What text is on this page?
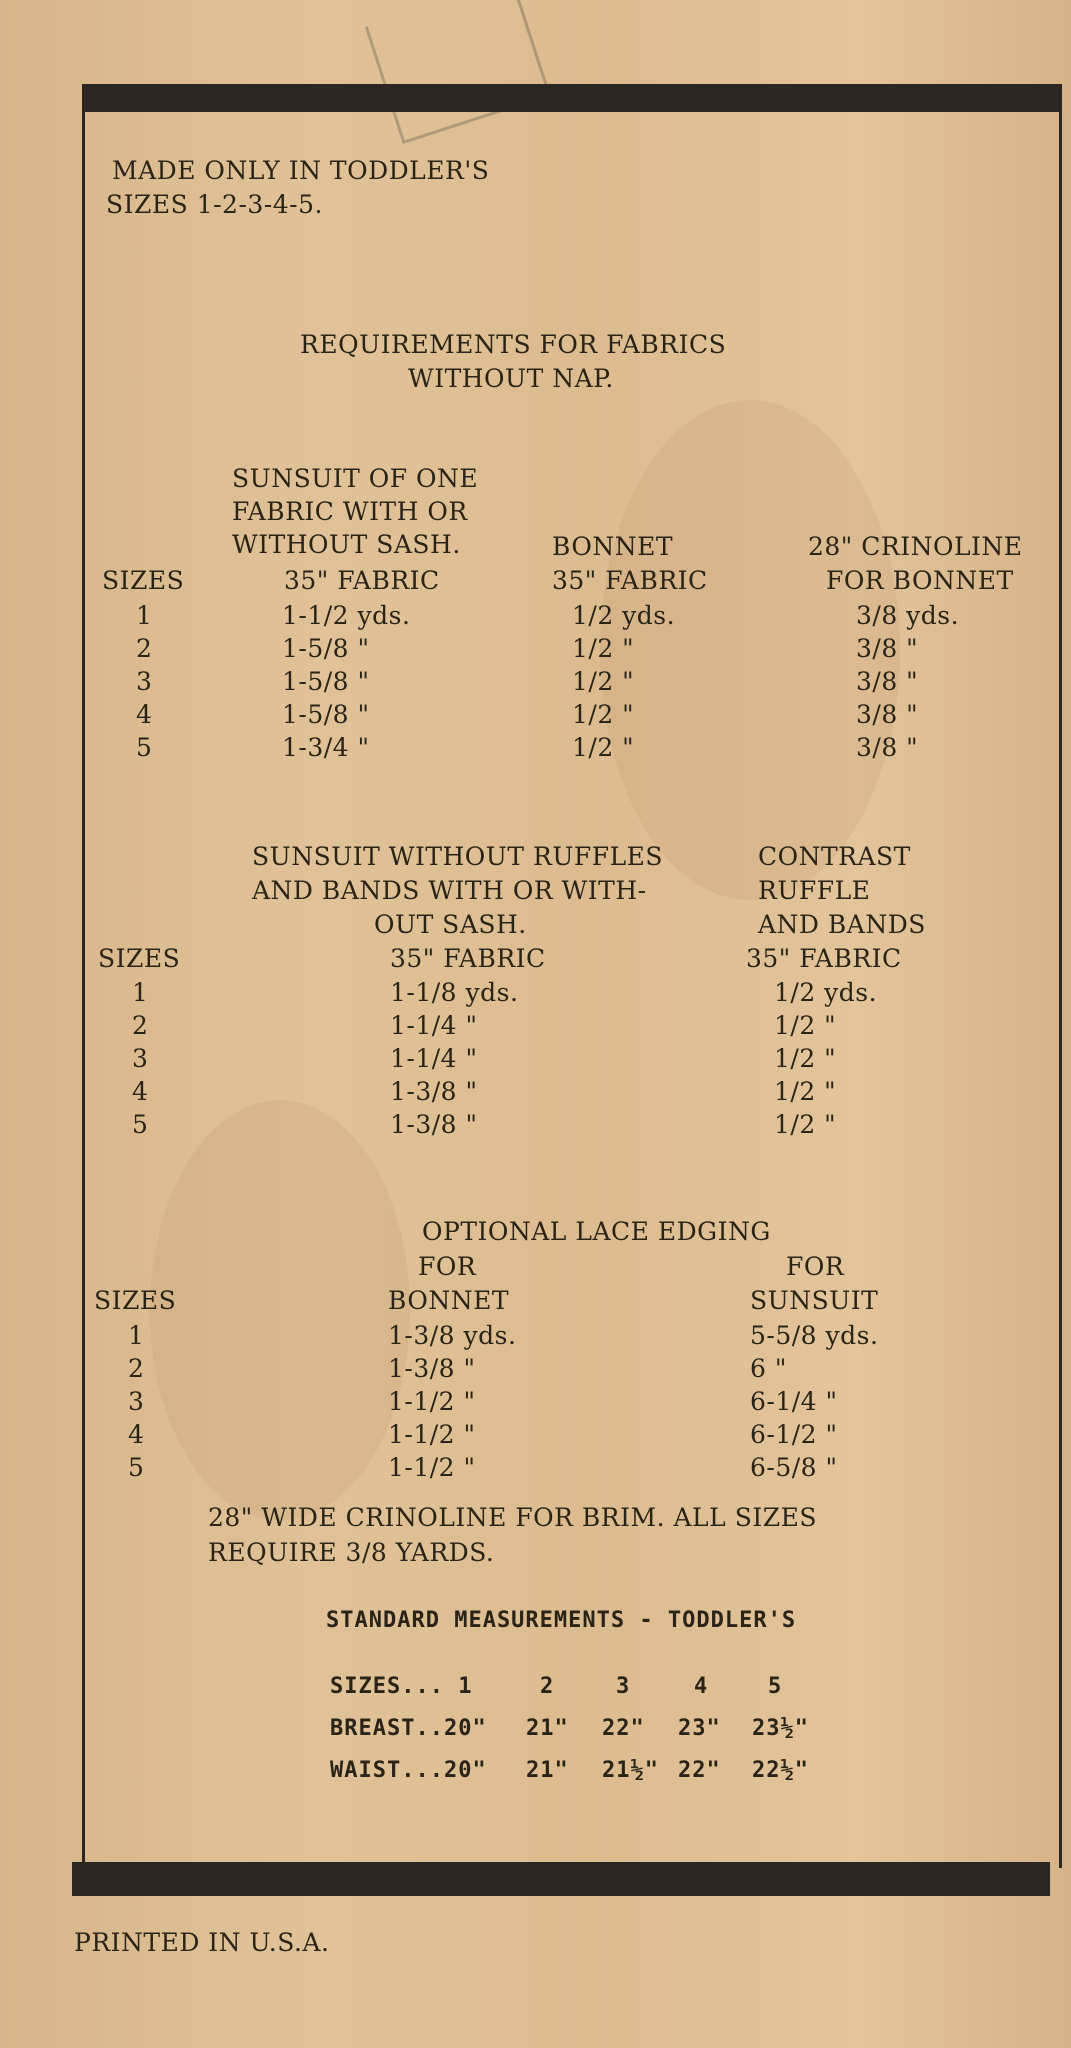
MADE ONLY IN TODDLER'S
SIZES 1-2-3-4-5.
REQUIREMENTS FOR FABRICS
WITHOUT NAP.
SUNSUIT OF ONE
FABRIC WITH OR
WITHOUT SASH.	BONNET	28" CRINOLINE
SIZES	35" FABRIC	35" FABRIC	FOR BONNET
1	1-1/2 yds.	1/2 yds.	3/8 yds.
2	1-5/8 "	1/2 "	3/8 "
3	1-5/8 "	1/2 "	3/8 "
4	1-5/8 "	1/2 "	3/8 "
5	1-3/4 "	1/2 "	3/8 "
SUNSUIT WITHOUT RUFFLES	CONTRAST
AND BANDS WITH OR WITH-	RUFFLE
OUT SASH.	AND BANDS
SIZES	35" FABRIC	35" FABRIC
1	1-1/8 yds.	1/2 yds.
2	1-1/4 "	1/2 "
3	1-1/4 "	1/2 "
4	1-3/8 "	1/2 "
5	1-3/8 "	1/2 "
OPTIONAL LACE EDGING
FOR	FOR
SIZES	BONNET	SUNSUIT
1	1-3/8 yds.	5-5/8 yds.
2	1-3/8 "	6 "
3	1-1/2 "	6-1/4 "
4	1-1/2 "	6-1/2 "
5	1-1/2 "	6-5/8 "
28" WIDE CRINOLINE FOR BRIM. ALL SIZES
REQUIRE 3/8 YARDS.
STANDARD MEASUREMENTS - TODDLER'S
SIZES... 1	2	3	4	5
BREAST..20" 21" 22" 23" 23½"
WAIST...20" 21" 21½" 22" 22½"
PRINTED IN U.S.A.
